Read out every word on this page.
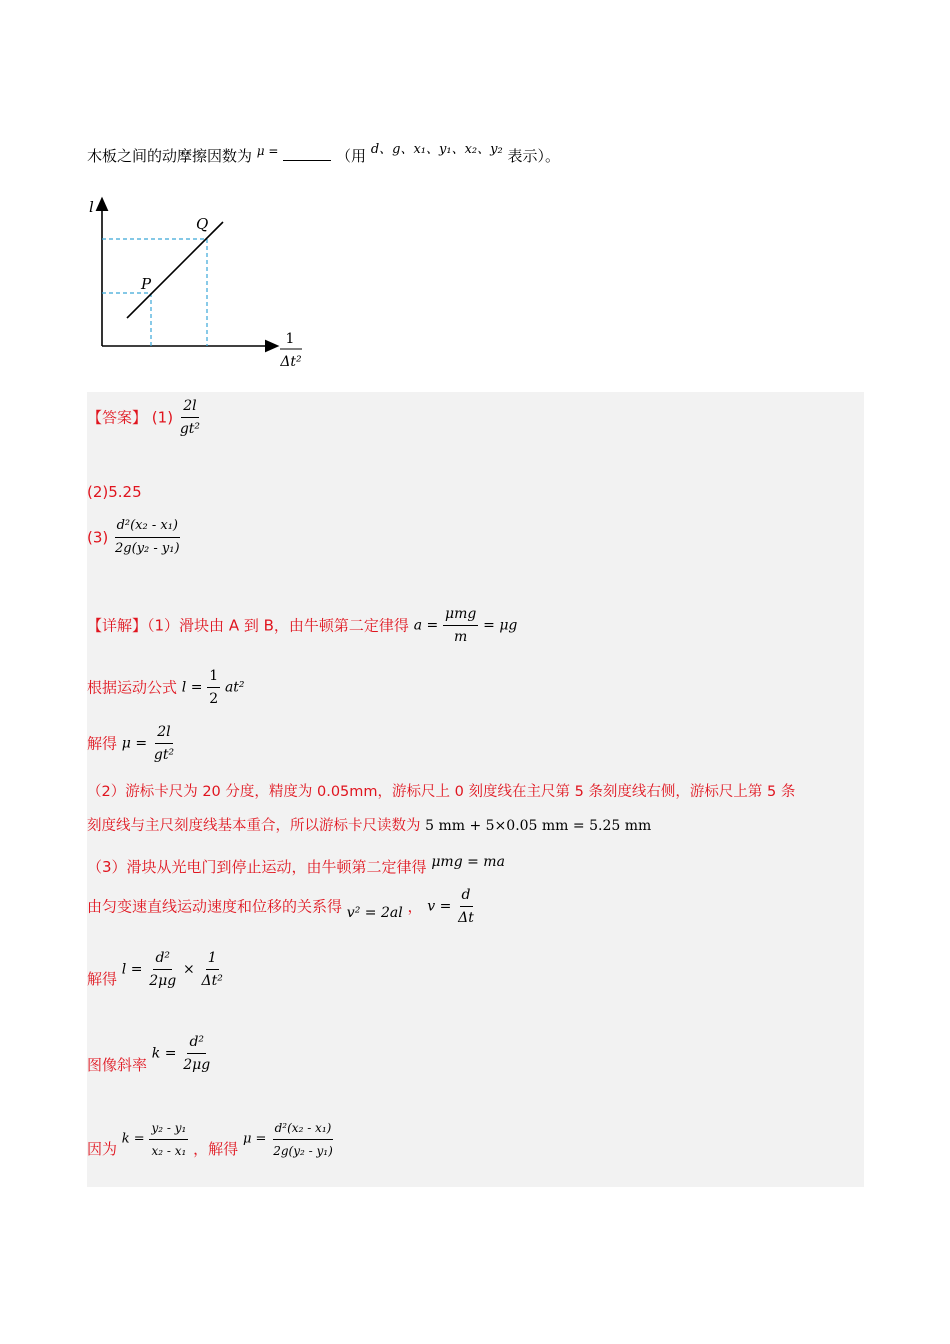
木板之间的动摩擦因数为 $^{\mu =}$	（用 d、g、x₁、y₁、x₂、y₂ 表示）。
l
Q
P
1
Δt²
【答案】 $(1) \frac{2l}{\text{gt²}}$
(2)5.25
$(3) \frac{\text{d²(x₂ - x₁)}}{\text{2g(y₂ - y₁)}}$
【详解】（1）滑块由 A 到 B，由牛顿第二定律得 $a = \frac{\text{μmg}}{m} = \mu g$
根据运动公式 $l = \frac{1}{2} at^2$
解得 $\mu = \frac{2l}{\text{gt²}}$
（2）游标卡尺为 20 分度，精度为 0.05mm，游标尺上 0 刻度线在主尺第 5 条刻度线右侧，游标尺上第 5 条
刻度线与主尺刻度线基本重合，所以游标卡尺读数为 5 mm + 5×0.05 mm = 5.25 mm
（3）滑块从光电门到停止运动，由牛顿第二定律得 μmg = ma
由匀变速直线运动速度和位移的关系得 v² = 2al ， $v = \frac{d}{\Delta t}$
解得 $l = \frac{\text{d²}}{2\mu g} \times \frac{1}{\text{Δt²}}$
图像斜率 $k = \frac{\text{d²}}{2\mu g}$
因为 $k = \frac{\text{y₂ - y₁}}{\text{x₂ - x₁}}$ ，解得 $\mu = \frac{\text{d²(x₂ - x₁)}}{\text{2g(y₂ - y₁)}}$
